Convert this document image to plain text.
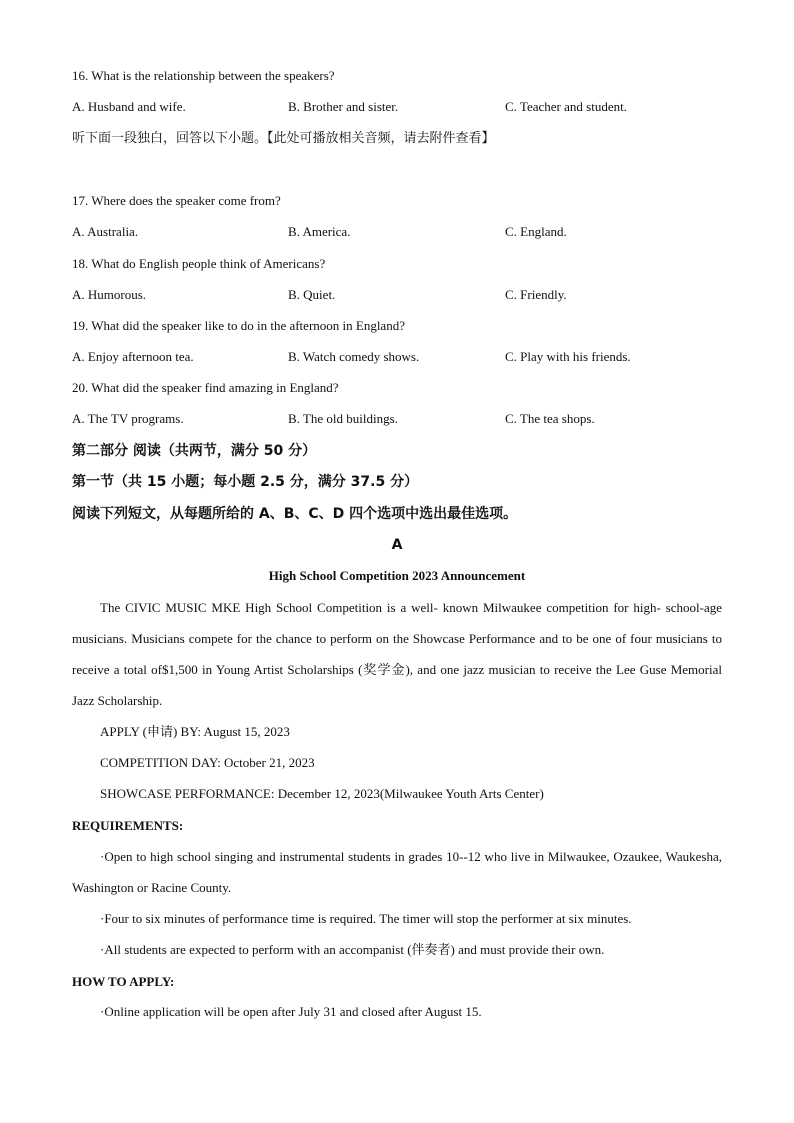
16. What is the relationship between the speakers?
A. Husband and wife.	B. Brother and sister.	C. Teacher and student.
听下面一段独白，回答以下小题。【此处可播放相关音频，请去附件查看】
17. Where does the speaker come from?
A. Australia.	B. America.	C. England.
18. What do English people think of Americans?
A. Humorous.	B. Quiet.	C. Friendly.
19. What did the speaker like to do in the afternoon in England?
A. Enjoy afternoon tea.	B. Watch comedy shows.	C. Play with his friends.
20. What did the speaker find amazing in England?
A. The TV programs.	B. The old buildings.	C. The tea shops.
第二部分 阅读（共两节，满分 50 分）
第一节（共 15 小题；每小题 2.5 分，满分 37.5 分）
阅读下列短文，从每题所给的 A、B、C、D 四个选项中选出最佳选项。
A
High School Competition 2023 Announcement
The CIVIC MUSIC MKE High School Competition is a well- known Milwaukee competition for high- school-age musicians. Musicians compete for the chance to perform on the Showcase Performance and to be one of four musicians to receive a total of$1,500 in Young Artist Scholarships (奖学金), and one jazz musician to receive the Lee Guse Memorial Jazz Scholarship.
APPLY (申请) BY: August 15, 2023
COMPETITION DAY: October 21, 2023
SHOWCASE PERFORMANCE: December 12, 2023(Milwaukee Youth Arts Center)
REQUIREMENTS:
·Open to high school singing and instrumental students in grades 10--12 who live in Milwaukee, Ozaukee, Waukesha, Washington or Racine County.
·Four to six minutes of performance time is required. The timer will stop the performer at six minutes.
·All students are expected to perform with an accompanist (伴奏者) and must provide their own.
HOW TO APPLY:
·Online application will be open after July 31 and closed after August 15.
